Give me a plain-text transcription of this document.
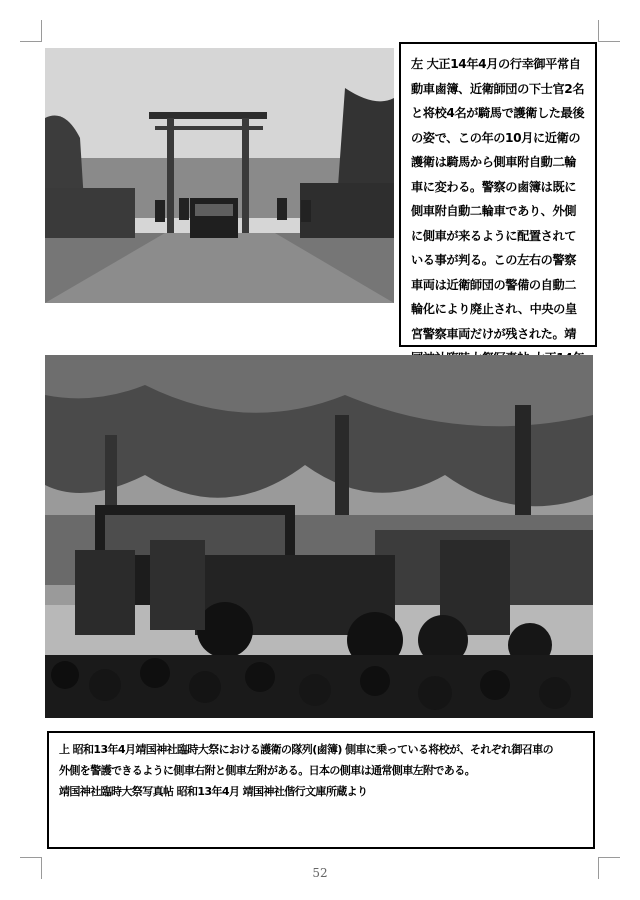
左 大正14年4月の行幸御平常自動車鹵簿、近衛師団の下士官2名と将校4名が騎馬で護衛した最後の姿で、この年の10月に近衛の護衛は騎馬から側車附自動二輪車に変わる。警察の鹵簿は既に側車附自動二輪車であり、外側に側車が来るように配置されている事が判る。この左右の警察車両は近衛師団の警備の自動二輪化により廃止され、中央の皇宮警察車両だけが残された。靖

上 昭和13年4月靖国神社臨時大祭における護衛の隊列(鹵簿) 側車に乗っている将校が、それぞれ御召車の

外側を警護できるように側車右附と側車左附がある。日本の側車は通常側車左附である。

靖国神社臨時大祭写真帖 昭和13年4月 靖国神社偕行文庫所蔵より

52
